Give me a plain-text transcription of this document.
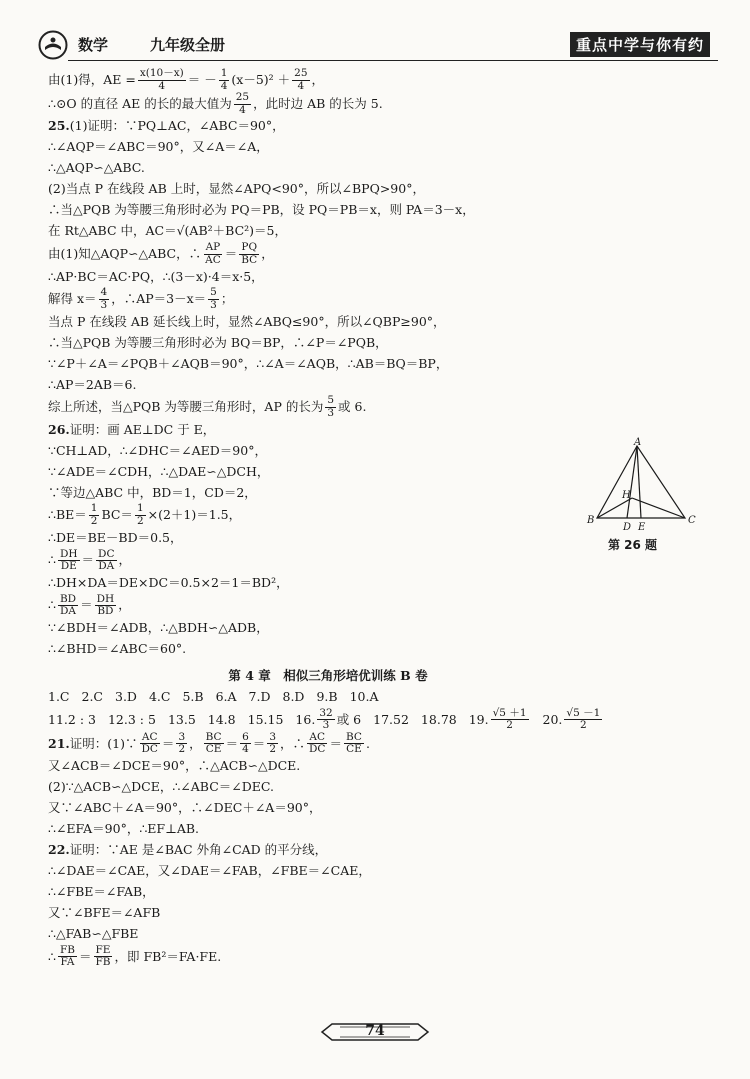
数学	九年级全册	重点中学与你有约
由(1)得，AE = $\frac{x(10-x)}{4}$ ＝ － $\frac{1}{4} (x-5)^2 + \frac{25}{4}$ ，
∴⊙O 的直径 AE 的长的最大值为 $\frac{25}{4}$ ，此时边 AB 的长为 5.
25. (1)证明：∵PQ⊥AC，∠ABC＝90°，
∴∠AQP＝∠ABC＝90°，又∠A＝∠A，
∴△AQP∽△ABC.
(2)当点 P 在线段 AB 上时，显然∠APQ<90°，所以∠BPQ>90°，
∴当△PQB 为等腰三角形时必为 PQ＝PB，设 PQ＝PB＝x，则 PA＝3－x，
在 Rt△ABC 中，AC＝√(AB²＋BC²)＝5，
由(1)知△AQP∽△ABC，∴ $\frac{AP}{AC} = \frac{PQ}{BC}$ ，
∴AP·BC＝AC·PQ，∴(3－x)·4＝x·5，
解得 $x= \frac{4}{3}$ ，∴AP＝3－x＝ $\frac{5}{3}$ ；
当点 P 在线段 AB 延长线上时，显然∠ABQ≤90°，所以∠QBP≥90°，
∴当△PQB 为等腰三角形时必为 BQ＝BP，∴∠P＝∠PQB，
∵∠P＋∠A＝∠PQB＋∠AQB＝90°，∴∠A＝∠AQB，∴AB＝BQ＝BP，
∴AP＝2AB＝6.
综上所述，当△PQB 为等腰三角形时，AP 的长为 $\frac{5}{3}$ 或 6.
26. 证明：画 AE⊥DC 于 E，
∵CH⊥AD，∴∠DHC＝∠AED＝90°，
∵∠ADE＝∠CDH，∴△DAE∽△DCH，
∵等边△ABC 中，BD＝1，CD＝2，
∴BE＝ $\frac{1}{2} BC= \frac{1}{2} \times(2+1)=1.5$，
∴DE＝BE－BD＝0.5，
∴ $\frac{DH}{DE} = \frac{DC}{DA}$ ，
∴DH×DA＝DE×DC＝0.5×2＝1＝BD²，
∴ $\frac{BD}{DA} = \frac{DH}{BD}$ ，
∵∠BDH＝∠ADB，∴△BDH∽△ADB，
∴∠BHD＝∠ABC＝60°.
第 4 章　相似三角形培优训练 B 卷
1.C 2.C 3.D 4.C 5.B 6.A 7.D 8.D 9.B 10.A
11. 2 : 3 12. 3 : 5 13. 5 14. 8 15. 15 16. $\frac{32}{3}$ 或 6 17. 52 18. 78 19. $\frac{√5 +1}{2} 20$. $\frac{√5 -1}{2}$
21. 证明：(1)∵ $\frac{AC}{DC} = \frac{3}{2}$ ， $\frac{BC}{CE} = \frac{6}{4} = \frac{3}{2}$ ，∴ $\frac{AC}{DC} = \frac{BC}{CE}$ .
又∠ACB＝∠DCE＝90°，∴△ACB∽△DCE.
(2)∵△ACB∽△DCE，∴∠ABC＝∠DEC.
又∵∠ABC＋∠A＝90°，∴∠DEC＋∠A＝90°，
∴∠EFA＝90°，∴EF⊥AB.
22. 证明：∵AE 是∠BAC 外角∠CAD 的平分线，
∴∠DAE＝∠CAE，又∠DAE＝∠FAB，∠FBE＝∠CAE，
∴∠FBE＝∠FAB，
又∵∠BFE＝∠AFB
∴△FAB∽△FBE
∴ $\frac{FB}{FA} = \frac{FE}{FB}$ ，即 FB²＝FA·FE.
A
B	C
D E
H
第 26 题
74
